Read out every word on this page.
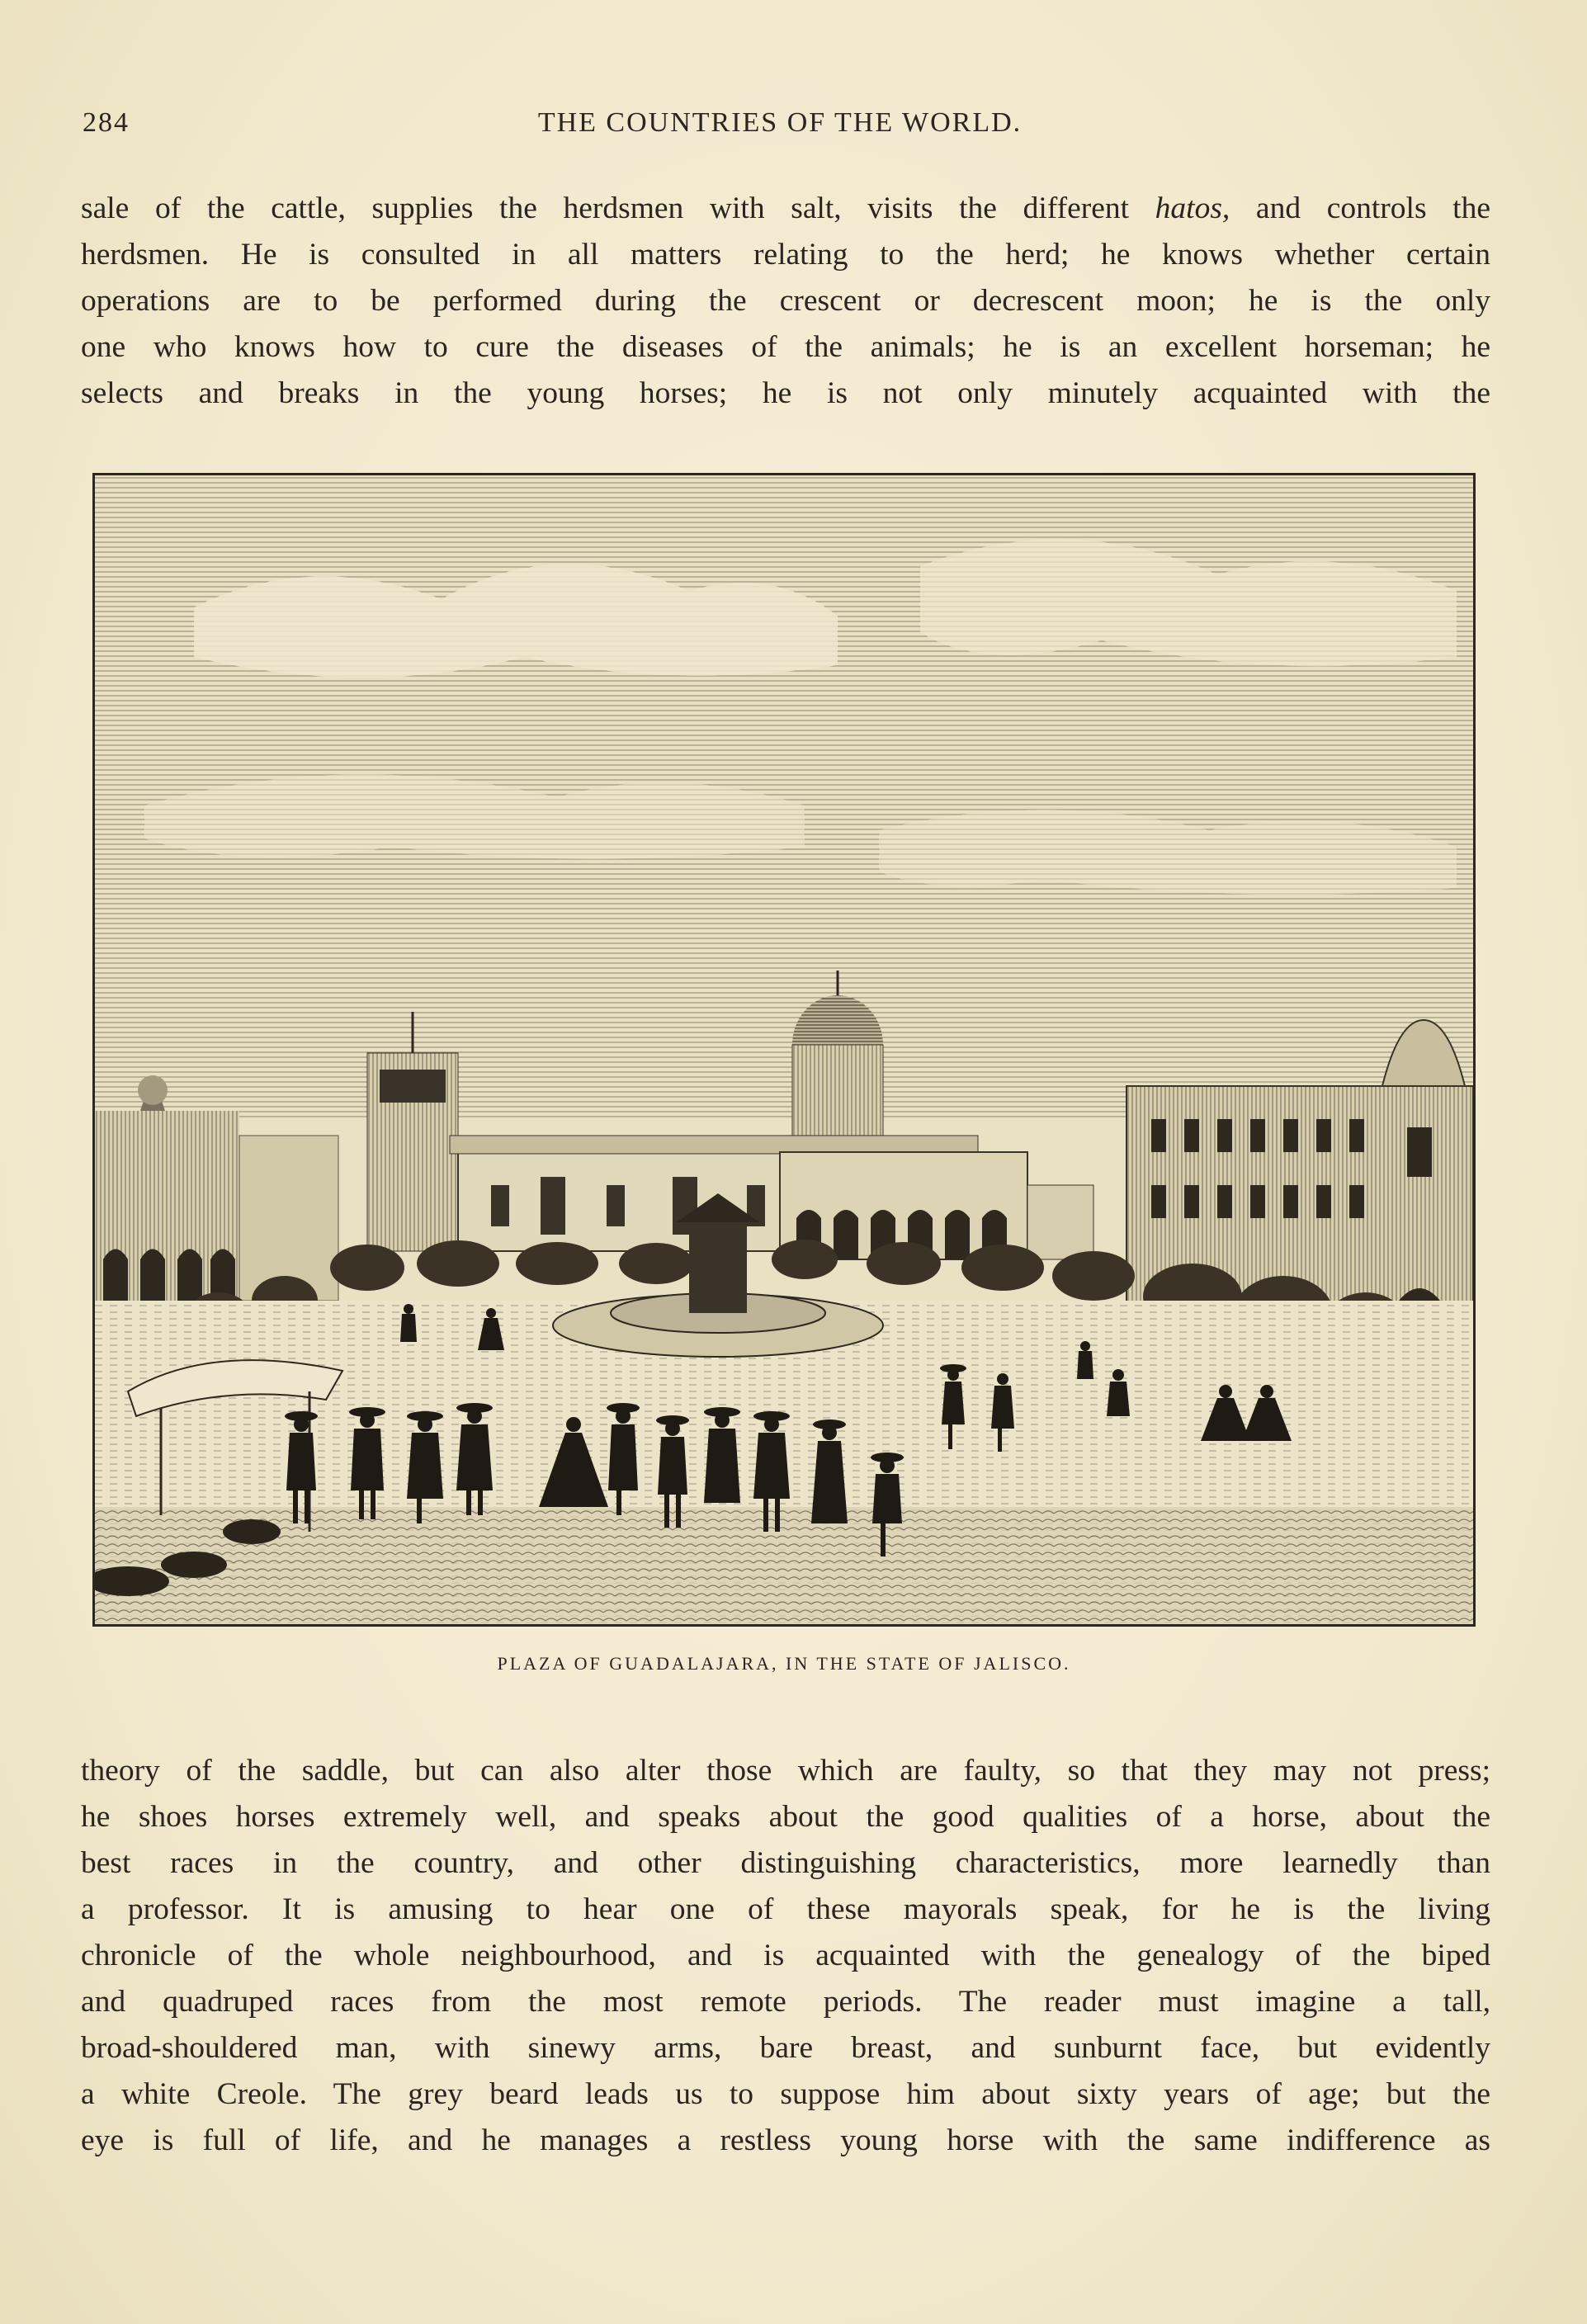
284	THE COUNTRIES OF THE WORLD.
sale of the cattle, supplies the herdsmen with salt, visits the different hatos, and controls the
herdsmen. He is consulted in all matters relating to the herd; he knows whether certain
operations are to be performed during the crescent or decrescent moon; he is the only
one who knows how to cure the diseases of the animals; he is an excellent horseman; he
selects and breaks in the young horses; he is not only minutely acquainted with the
PLAZA OF GUADALAJARA, IN THE STATE OF JALISCO.
theory of the saddle, but can also alter those which are faulty, so that they may not press;
he shoes horses extremely well, and speaks about the good qualities of a horse, about the
best races in the country, and other distinguishing characteristics, more learnedly than
a professor. It is amusing to hear one of these mayorals speak, for he is the living
chronicle of the whole neighbourhood, and is acquainted with the genealogy of the biped
and quadruped races from the most remote periods. The reader must imagine a tall,
broad-shouldered man, with sinewy arms, bare breast, and sunburnt face, but evidently
a white Creole. The grey beard leads us to suppose him about sixty years of age; but the
eye is full of life, and he manages a restless young horse with the same indifference as
